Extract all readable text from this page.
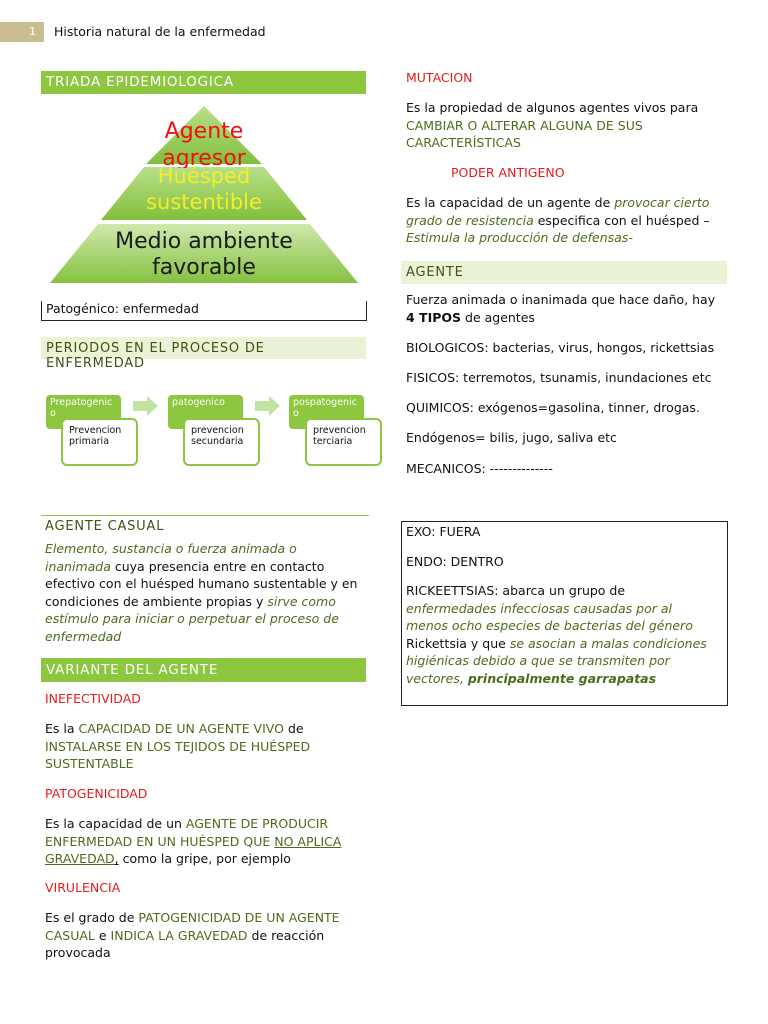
1	Historia natural de la enfermedad
TRIADA EPIDEMIOLOGICA
Huésped sustentible
Agente agresor
Medio ambiente favorable
Patogénico: enfermedad
PERIODOS EN EL PROCESO DE ENFERMEDAD
Prepatogenico
Prevencion primaria
patogenico
prevencion secundaria
pospatogenico
prevencion terciaria
AGENTE CASUAL
Elemento, sustancia o fuerza animada o inanimada cuya presencia entre en contacto efectivo con el huésped humano sustentable y en condiciones de ambiente propias y sirve como estímulo para iniciar o perpetuar el proceso de enfermedad
VARIANTE DEL AGENTE
INEFECTIVIDAD
Es la CAPACIDAD DE UN AGENTE VIVO de INSTALARSE EN LOS TEJIDOS DE HUÉSPED SUSTENTABLE
PATOGENICIDAD
Es la capacidad de un AGENTE DE PRODUCIR ENFERMEDAD EN UN HUÉSPED QUE NO APLICA GRAVEDAD, como la gripe, por ejemplo
VIRULENCIA
Es el grado de PATOGENICIDAD DE UN AGENTE CASUAL e INDICA LA GRAVEDAD de reacción provocada
MUTACION
Es la propiedad de algunos agentes vivos para CAMBIAR O ALTERAR ALGUNA DE SUS CARACTERÍSTICAS
PODER ANTIGENO
Es la capacidad de un agente de provocar cierto grado de resistencia especifica con el huésped – Estimula la producción de defensas-
AGENTE
Fuerza animada o inanimada que hace daño, hay 4 TIPOS de agentes
BIOLOGICOS: bacterias, virus, hongos, rickettsias
FISICOS: terremotos, tsunamis, inundaciones etc
QUIMICOS: exógenos=gasolina, tinner, drogas.
Endógenos= bilis, jugo, saliva etc
MECANICOS: --------------
EXO: FUERA
ENDO: DENTRO
RICKEETTSIAS: abarca un grupo de enfermedades infecciosas causadas por al menos ocho especies de bacterias del género Rickettsia y que se asocian a malas condiciones higiénicas debido a que se transmiten por vectores, principalmente garrapatas
